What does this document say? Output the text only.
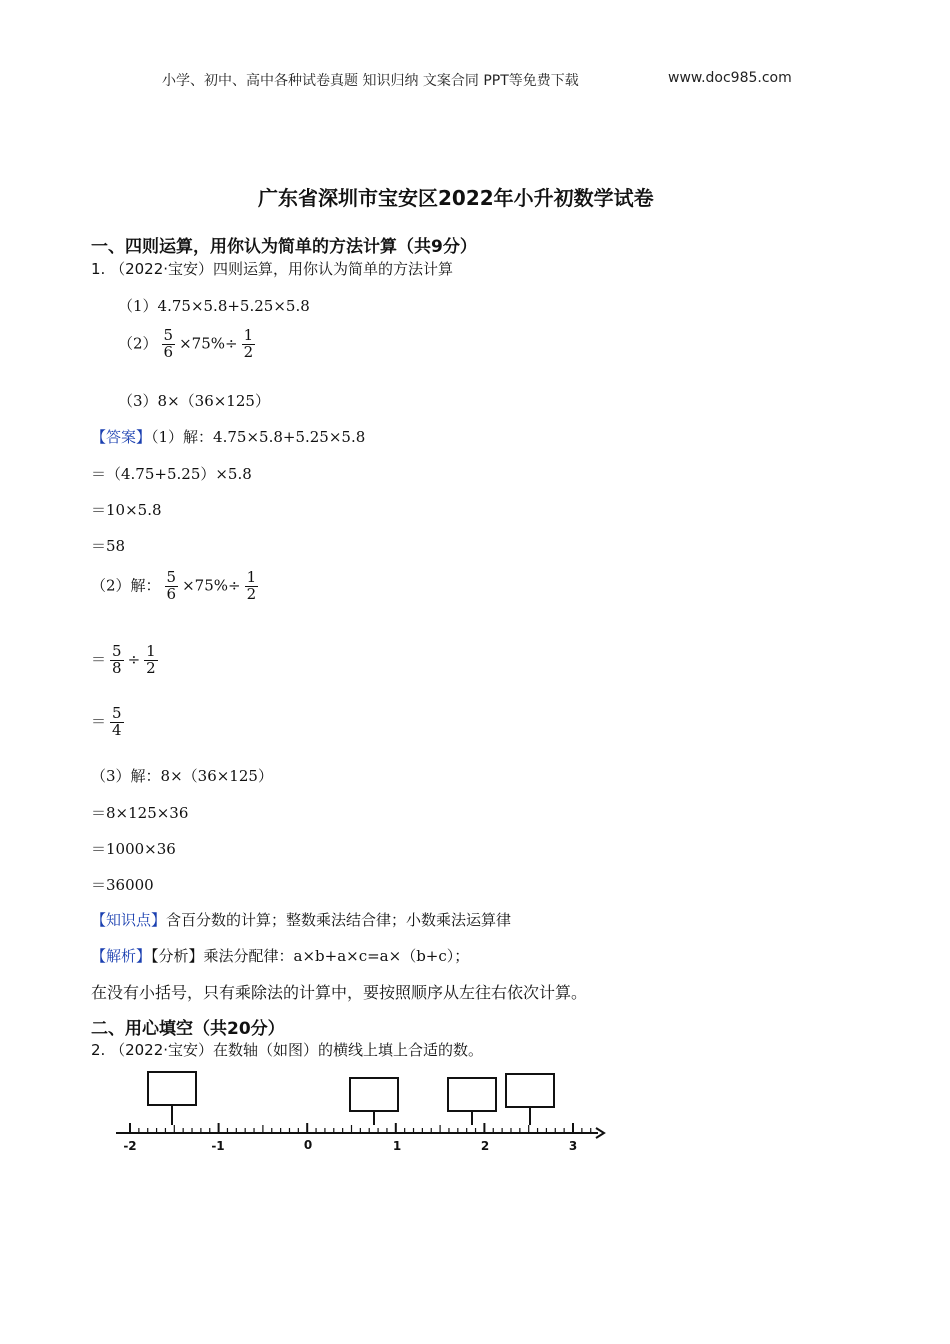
小学、初中、高中各种试卷真题 知识归纳 文案合同 PPT等免费下载	www.doc985.com
广东省深圳市宝安区2022年小升初数学试卷
一、四则运算，用你认为简单的方法计算（共9分）
1. （2022·宝安）四则运算，用你认为简单的方法计算
（1）4.75×5.8+5.25×5.8
$(2) \frac{5}{6} \times 75\%\div \frac{1}{2}$
（3）8×（36×125）
【答案】（1）解：4.75×5.8+5.25×5.8
＝（4.75+5.25）×5.8
＝10×5.8
＝58
（2）解： $\frac{5}{6} \times 75\%\div \frac{1}{2}$
＝ $\frac{5}{8} \div \frac{1}{2}$
＝ $\frac{5}{4}$
（3）解：8×（36×125）
＝8×125×36
＝1000×36
＝36000
【知识点】含百分数的计算；整数乘法结合律；小数乘法运算律
【解析】【分析】乘法分配律：a×b+a×c=a×（b+c）；
在没有小括号，只有乘除法的计算中，要按照顺序从左往右依次计算。
二、用心填空（共20分）
2. （2022·宝安）在数轴（如图）的横线上填上合适的数。
-2	-1	0	1	2	3
